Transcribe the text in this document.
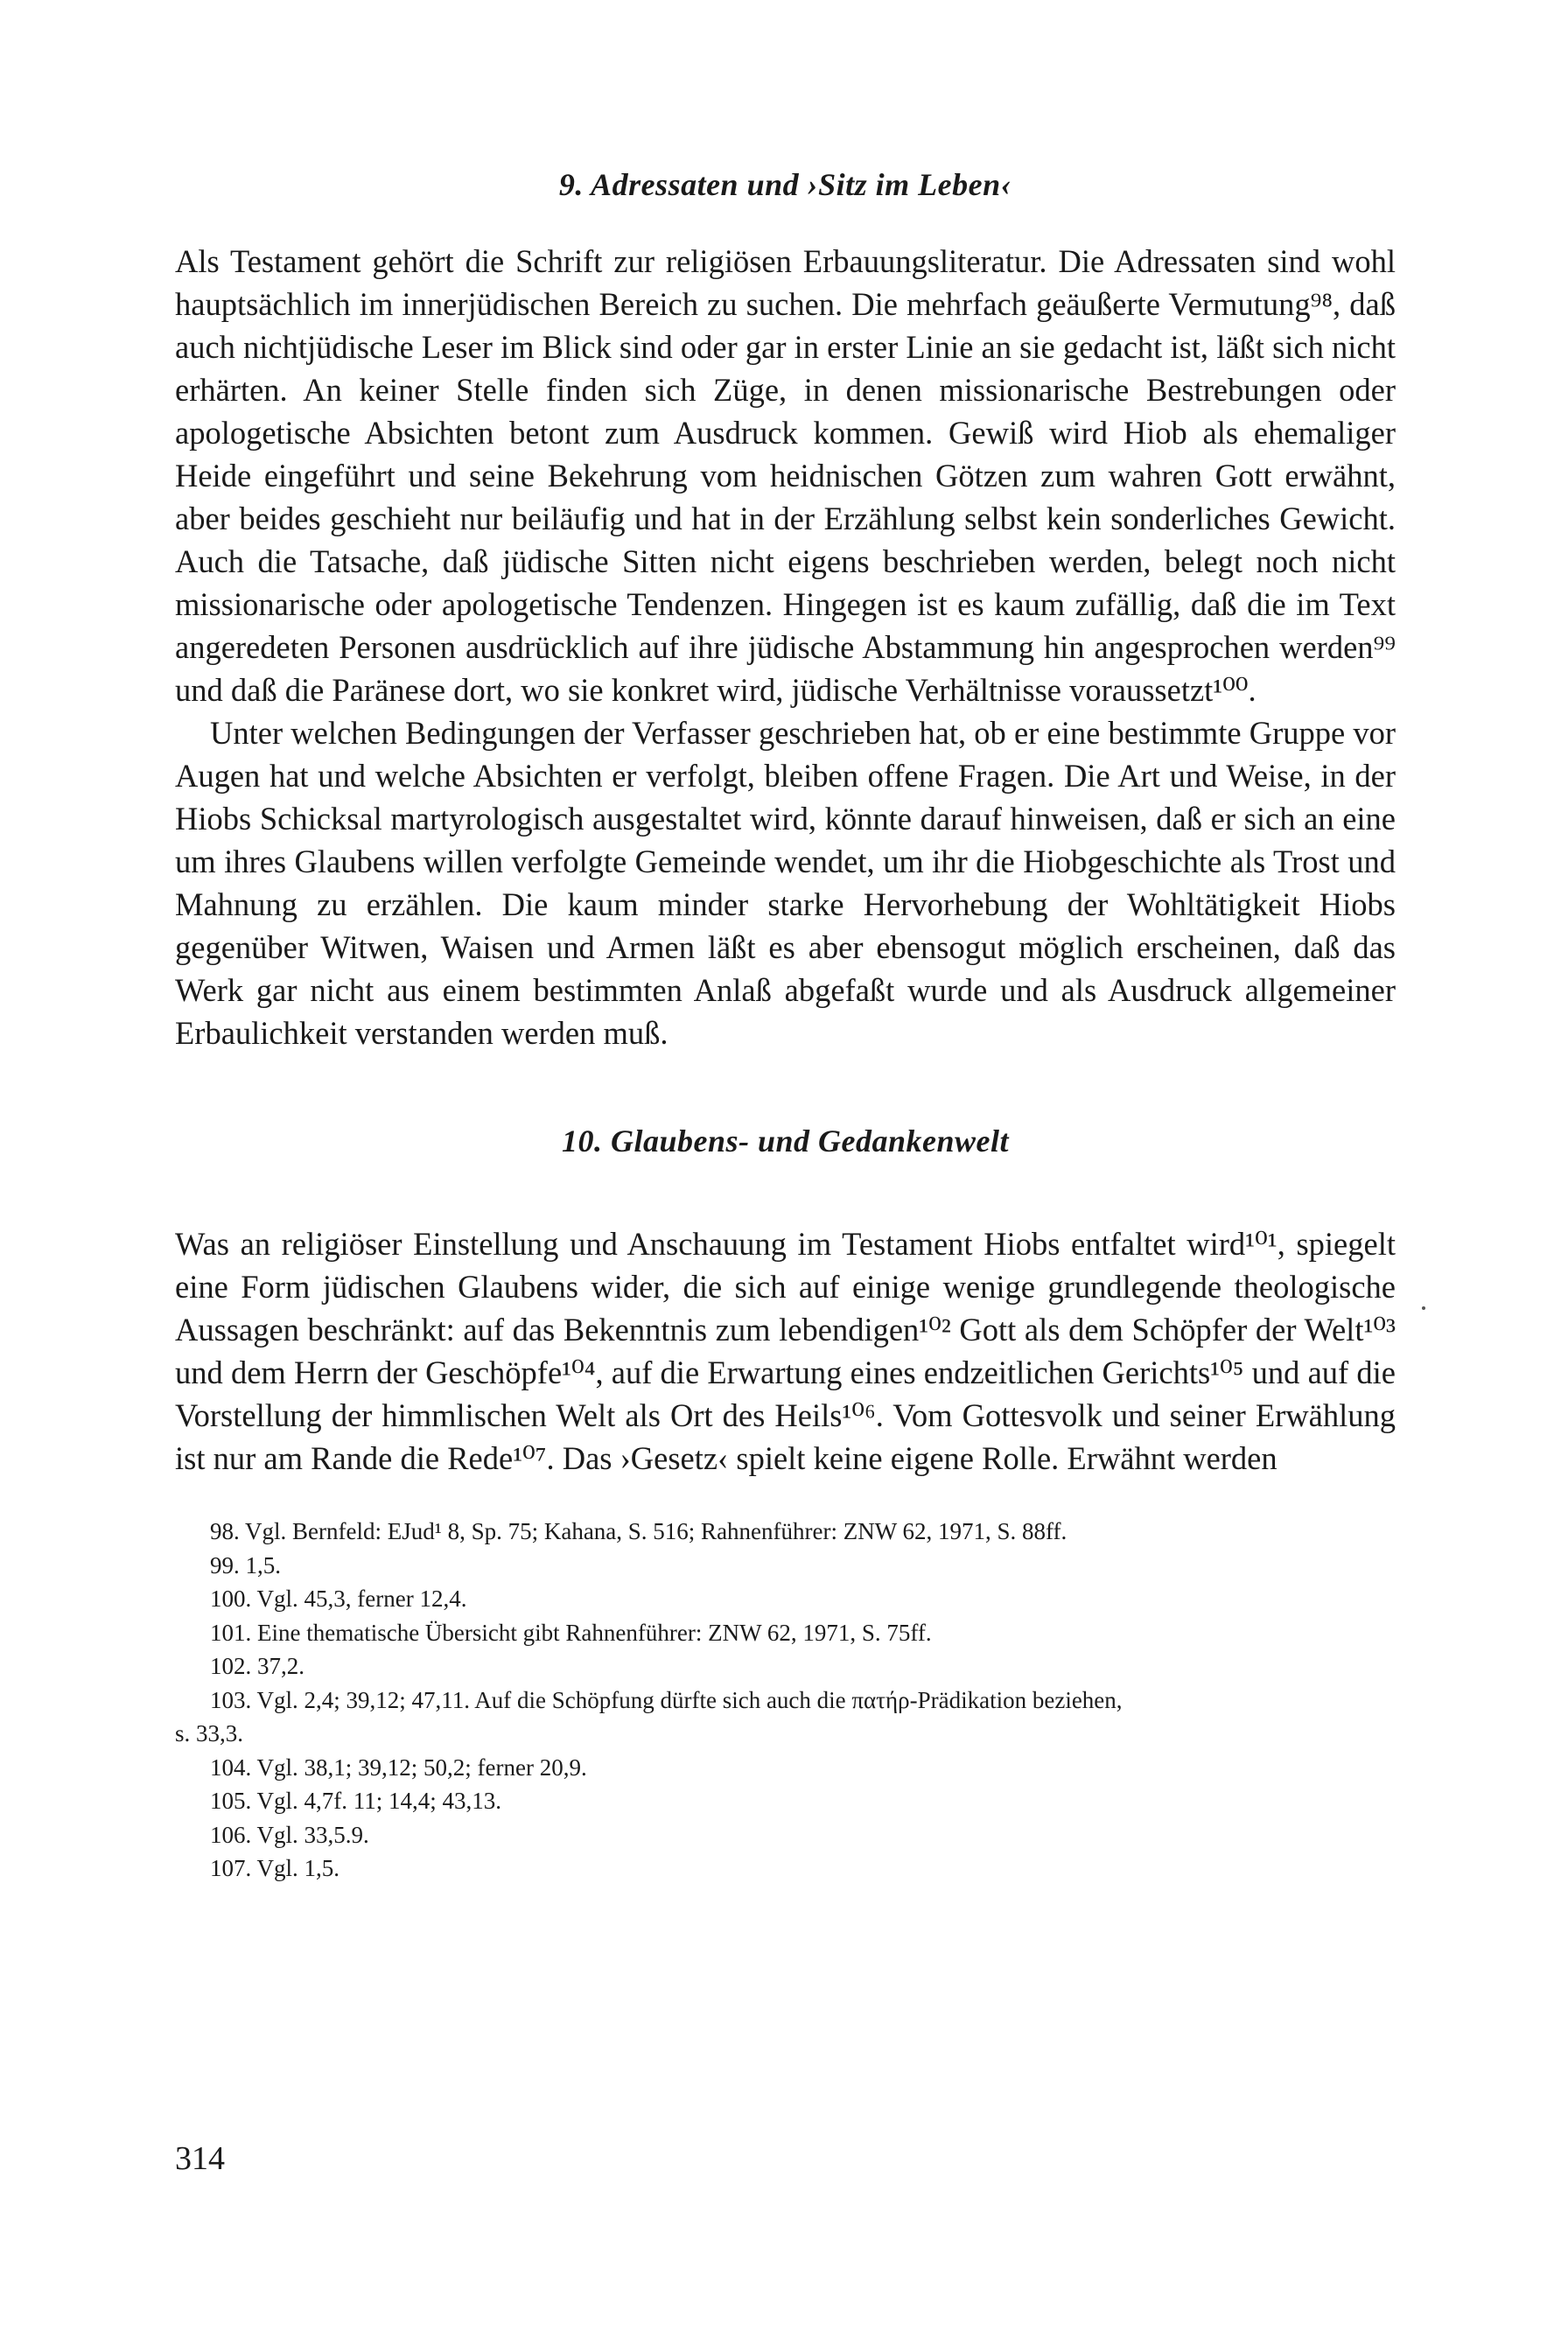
9. Adressaten und ›Sitz im Leben‹

Als Testament gehört die Schrift zur religiösen Erbauungsliteratur. Die Adressaten sind wohl hauptsächlich im innerjüdischen Bereich zu suchen. Die mehrfach geäußerte Vermutung⁹⁸, daß auch nichtjüdische Leser im Blick sind oder gar in erster Linie an sie gedacht ist, läßt sich nicht erhärten. An keiner Stelle finden sich Züge, in denen missionarische Bestrebungen oder apologetische Absichten betont zum Ausdruck kommen. Gewiß wird Hiob als ehemaliger Heide eingeführt und seine Bekehrung vom heidnischen Götzen zum wahren Gott erwähnt, aber beides geschieht nur beiläufig und hat in der Erzählung selbst kein sonderliches Gewicht. Auch die Tatsache, daß jüdische Sitten nicht eigens beschrieben werden, belegt noch nicht missionarische oder apologetische Tendenzen. Hingegen ist es kaum zufällig, daß die im Text angeredeten Personen ausdrücklich auf ihre jüdische Abstammung hin angesprochen werden⁹⁹ und daß die Paränese dort, wo sie konkret wird, jüdische Verhältnisse voraussetzt¹⁰⁰.

Unter welchen Bedingungen der Verfasser geschrieben hat, ob er eine bestimmte Gruppe vor Augen hat und welche Absichten er verfolgt, bleiben offene Fragen. Die Art und Weise, in der Hiobs Schicksal martyrologisch ausgestaltet wird, könnte darauf hinweisen, daß er sich an eine um ihres Glaubens willen verfolgte Gemeinde wendet, um ihr die Hiobgeschichte als Trost und Mahnung zu erzählen. Die kaum minder starke Hervorhebung der Wohltätigkeit Hiobs gegenüber Witwen, Waisen und Armen läßt es aber ebensogut möglich erscheinen, daß das Werk gar nicht aus einem bestimmten Anlaß abgefaßt wurde und als Ausdruck allgemeiner Erbaulichkeit verstanden werden muß.

10. Glaubens- und Gedankenwelt

Was an religiöser Einstellung und Anschauung im Testament Hiobs entfaltet wird¹⁰¹, spiegelt eine Form jüdischen Glaubens wider, die sich auf einige wenige grundlegende theologische Aussagen beschränkt: auf das Bekenntnis zum lebendigen¹⁰² Gott als dem Schöpfer der Welt¹⁰³ und dem Herrn der Geschöpfe¹⁰⁴, auf die Erwartung eines endzeitlichen Gerichts¹⁰⁵ und auf die Vorstellung der himmlischen Welt als Ort des Heils¹⁰⁶. Vom Gottesvolk und seiner Erwählung ist nur am Rande die Rede¹⁰⁷. Das ›Gesetz‹ spielt keine eigene Rolle. Erwähnt werden

98. Vgl. Bernfeld: EJud¹ 8, Sp. 75; Kahana, S. 516; Rahnenführer: ZNW 62, 1971, S. 88ff.

99. 1,5.

100. Vgl. 45,3, ferner 12,4.

101. Eine thematische Übersicht gibt Rahnenführer: ZNW 62, 1971, S. 75ff.

102. 37,2.

103. Vgl. 2,4; 39,12; 47,11. Auf die Schöpfung dürfte sich auch die πατήρ-Prädikation beziehen,

s. 33,3.

104. Vgl. 38,1; 39,12; 50,2; ferner 20,9.

105. Vgl. 4,7f. 11; 14,4; 43,13.

106. Vgl. 33,5.9.

107. Vgl. 1,5.

314
